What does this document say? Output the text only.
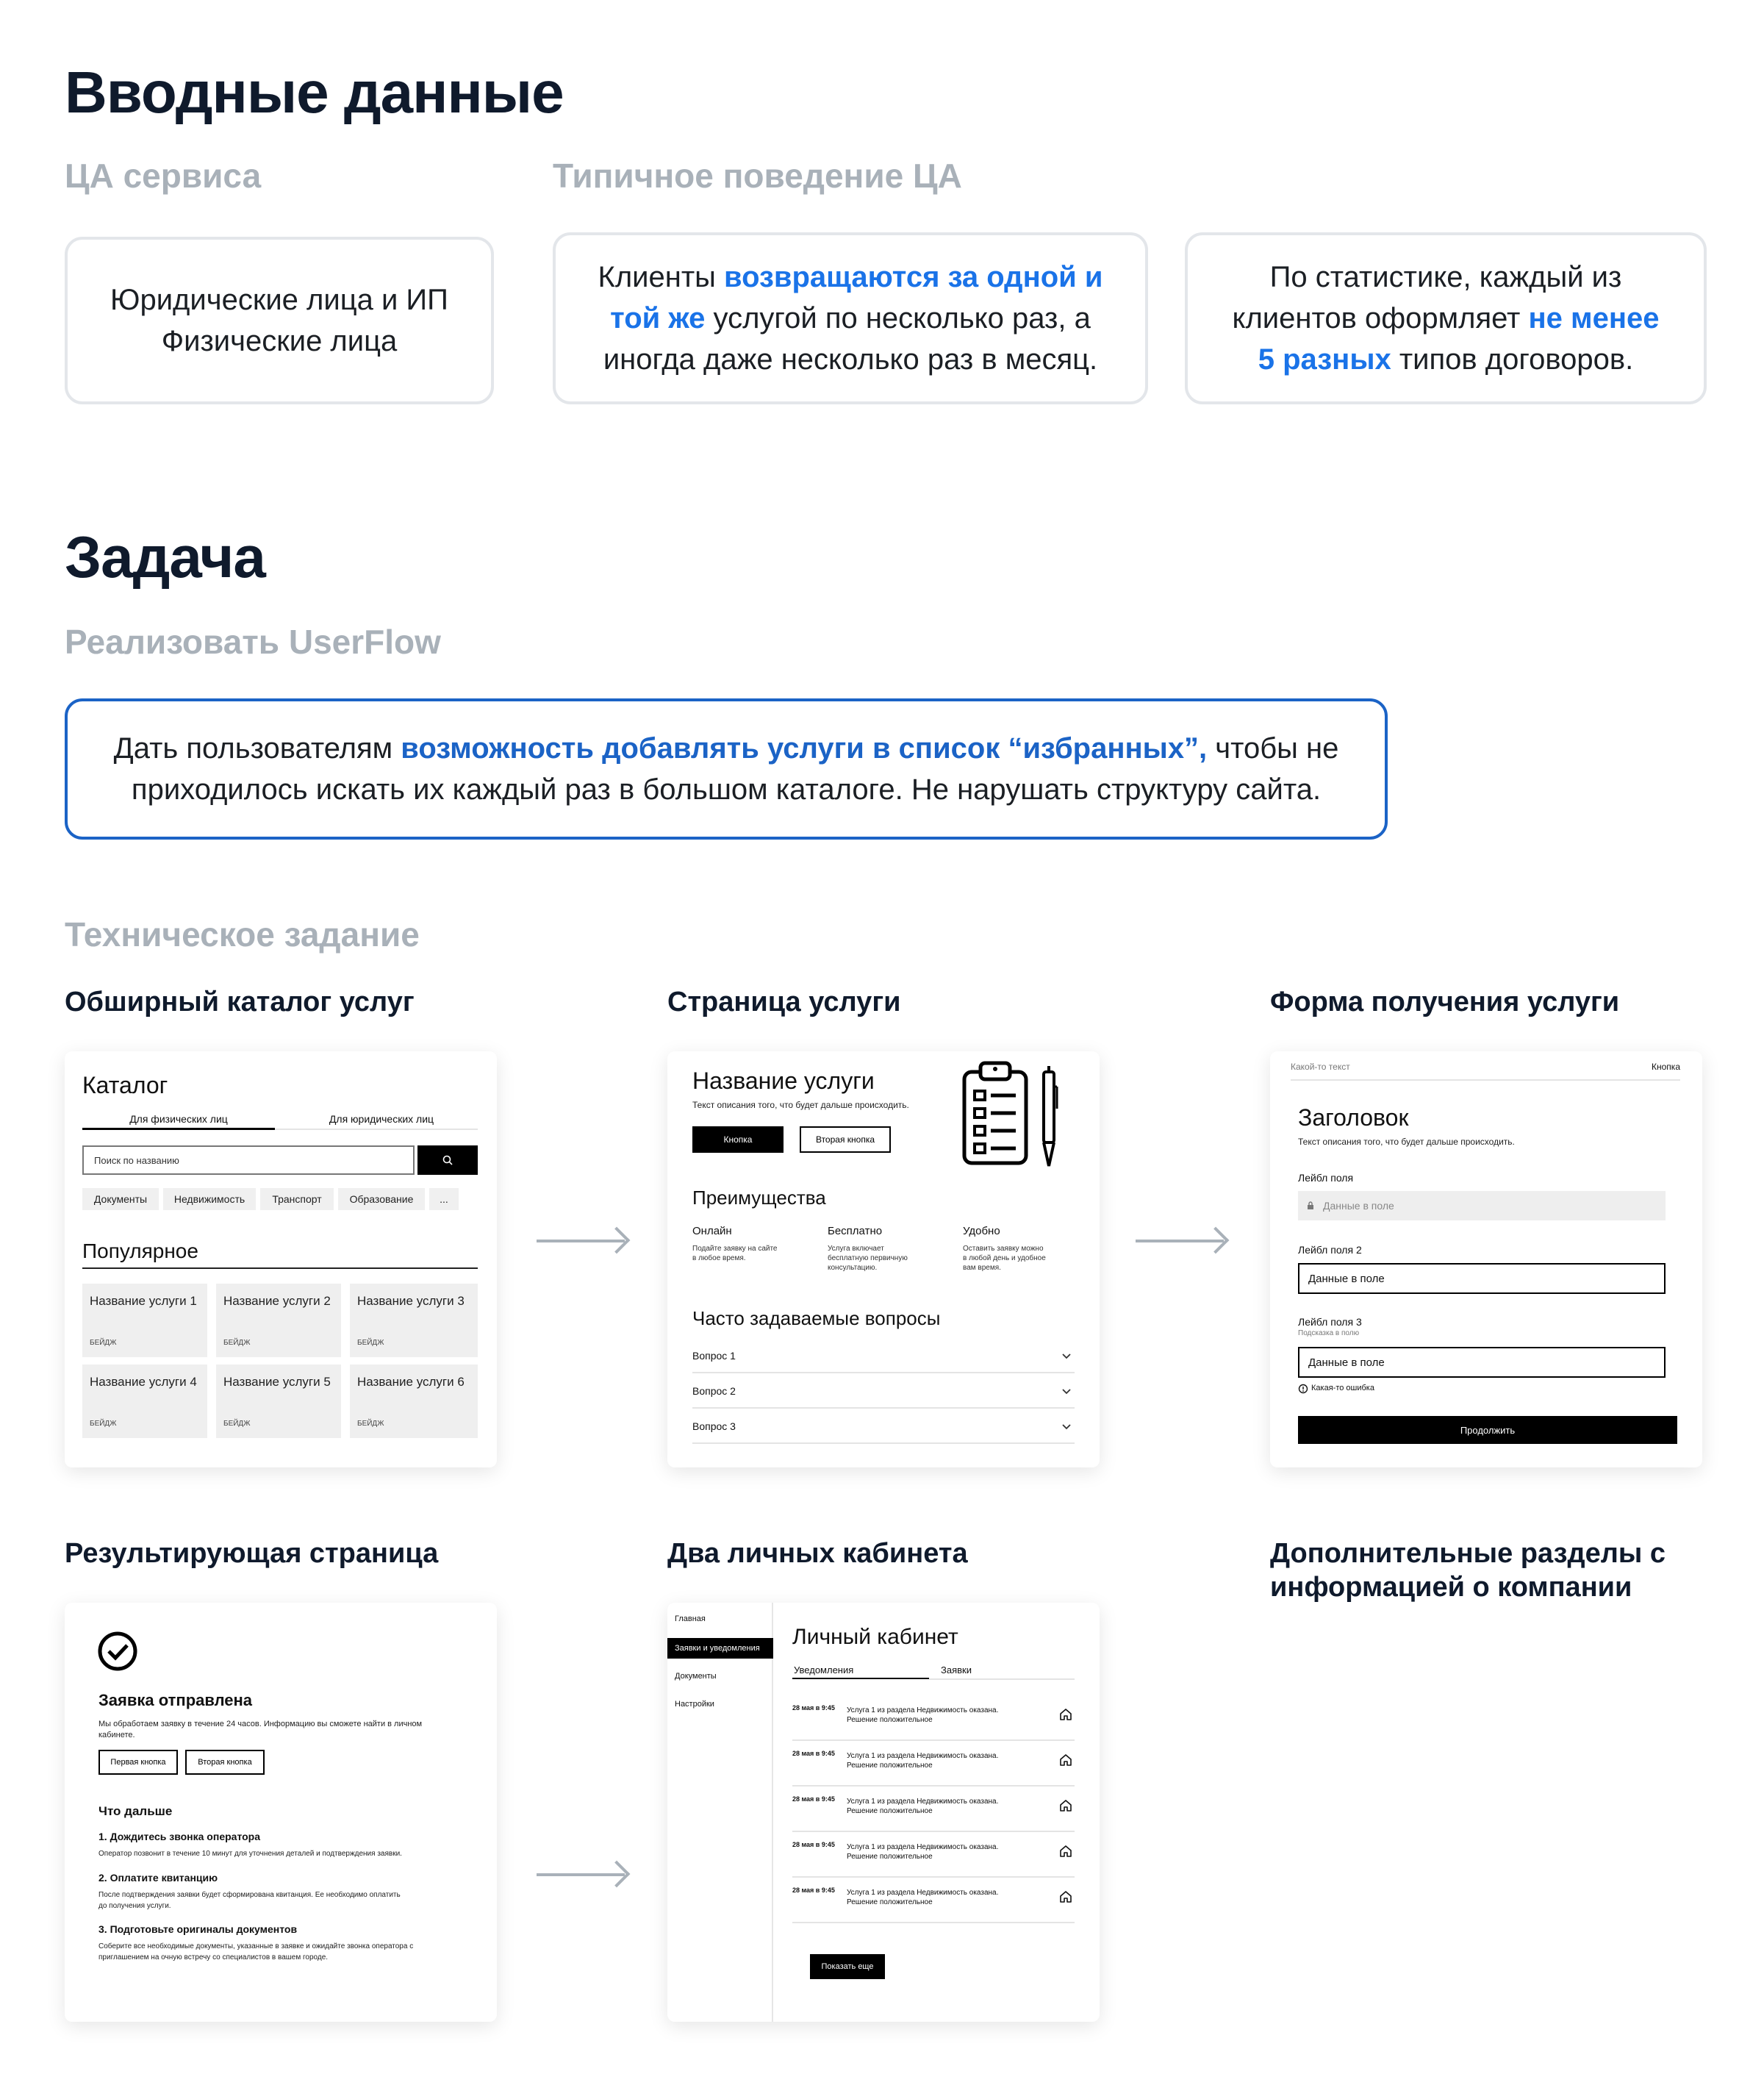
Вводные данные
ЦА сервиса	Типичное поведение ЦА
Юридические лица и ИП
Физические лица
Клиенты возвращаются за одной и
той же услугой по несколько раз, а
иногда даже несколько раз в месяц.
По статистике, каждый из
клиентов оформляет не менее
5 разных типов договоров.
Задача
Реализовать UserFlow
Дать пользователям возможность добавлять услуги в список “избранных”, чтобы не
приходилось искать их каждый раз в большом каталоге. Не нарушать структуру сайта.
Техническое задание
Обширный каталог услуг	Страница услуги	Форма получения услуги
Результирующая страница	Два личных кабинета	Дополнительные разделы с информацией о компании
Каталог
Для физических лиц	Для юридических лиц
Поиск по названию
Документы	Недвижимость	Транспорт	Образование	...
Популярное
Название услуги 1
БЕЙДЖ
Название услуги 2
БЕЙДЖ
Название услуги 3
БЕЙДЖ
Название услуги 4
БЕЙДЖ
Название услуги 5
БЕЙДЖ
Название услуги 6
БЕЙДЖ
Название услуги
Текст описания того, что будет дальше происходить.
Кнопка	Вторая кнопка
Преимущества
Онлайн
Подайте заявку на сайте
в любое время.
Бесплатно
Услуга включает
бесплатную первичную
консультацию.
Удобно
Оставить заявку можно
в любой день и удобное
вам время.
Часто задаваемые вопросы
Вопрос 1
Вопрос 2
Вопрос 3
Какой-то текст	Кнопка
Заголовок
Текст описания того, что будет дальше происходить.
Лейбл поля
Данные в поле
Лейбл поля 2
Данные в поле
Лейбл поля 3
Подсказка в полю
Данные в поле
Какая-то ошибка
Продолжить
Заявка отправлена
Мы обработаем заявку в течение 24 часов. Информацию вы сможете найти в личном
кабинете.
Первая кнопка	Вторая кнопка
Что дальше
1. Дождитесь звонка оператора
Оператор позвонит в течение 10 минут для уточнения деталей и подтверждения заявки.
2. Оплатите квитанцию
После подтверждения заявки будет сформирована квитанция. Ее необходимо оплатить
до получения услуги.
3. Подготовьте оригиналы документов
Соберите все необходимые документы, указанные в заявке и ожидайте звонка оператора с
приглашением на очную встречу со специалистов в вашем городе.
Главная
Заявки и уведомления
Документы
Настройки
Личный кабинет
Уведомления	Заявки
28 мая в 9:45 Услуга 1 из раздела Недвижимость оказана.
Решение положительное
28 мая в 9:45 Услуга 1 из раздела Недвижимость оказана.
Решение положительное
28 мая в 9:45 Услуга 1 из раздела Недвижимость оказана.
Решение положительное
28 мая в 9:45 Услуга 1 из раздела Недвижимость оказана.
Решение положительное
28 мая в 9:45 Услуга 1 из раздела Недвижимость оказана.
Решение положительное
Показать еще
